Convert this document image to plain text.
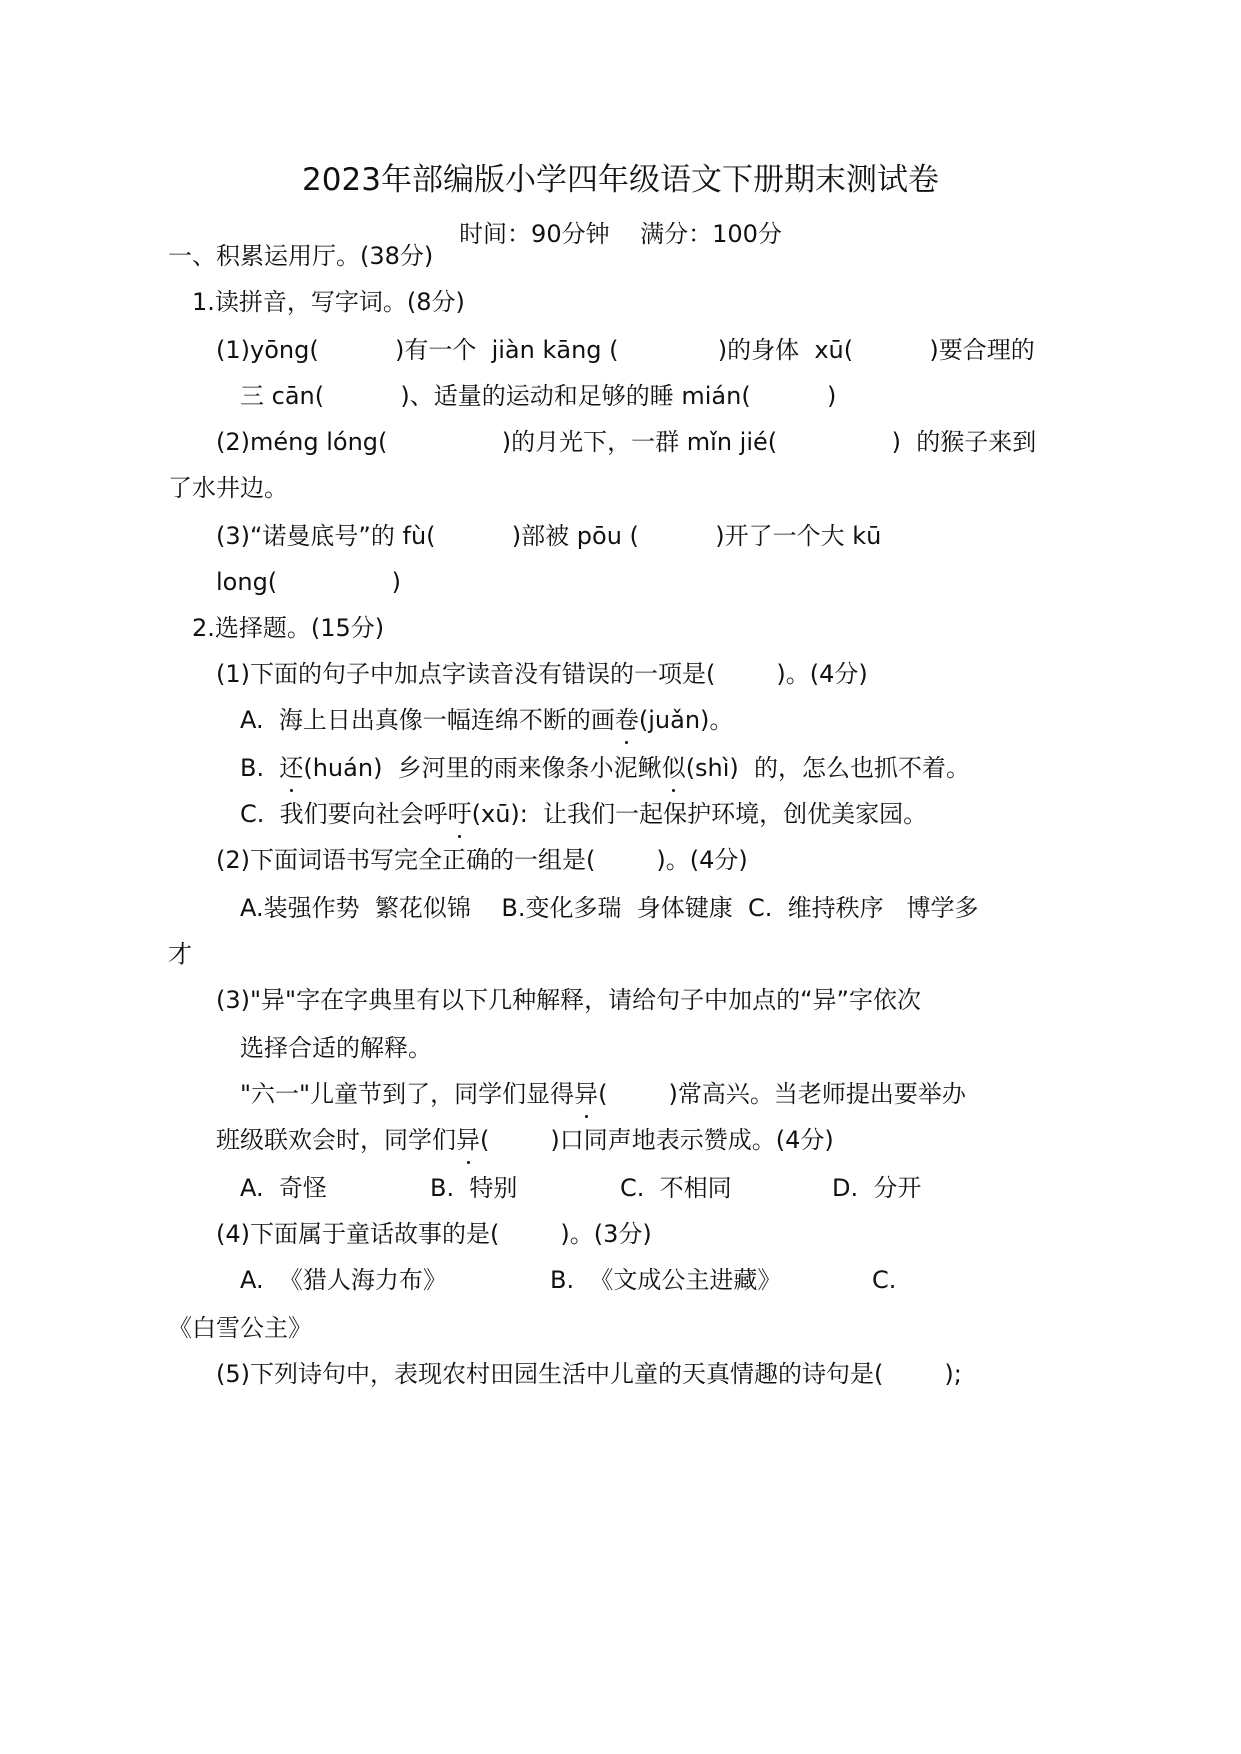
2023年部编版小学四年级语文下册期末测试卷
时间：90分钟    满分：100分
一、积累运用厅。(38分)
1.读拼音，写字词。(8分)
(1)yōng(          )有一个  jiàn kāng (             )的身体  xū(          )要合理的
三 cān(          )、适量的运动和足够的睡 mián(          )
(2)méng lóng(               )的月光下，一群 mǐn jié(               )  的猴子来到
了水井边。
(3)“诺曼底号”的 fù(          )部被 pōu (          )开了一个大 kū
long(               )
2.选择题。(15分)
(1)下面的句子中加点字读音没有错误的一项是(        )。(4分)
A.  海上日出真像一幅连绵不断的画卷(juǎn)。
B.  还(huán)  乡河里的雨来像条小泥鳅似(shì)  的，怎么也抓不着。
C.  我们要向社会呼吁(xū):  让我们一起保护环境，创优美家园。
(2)下面词语书写完全正确的一组是(        )。(4分)
A.装强作势  繁花似锦    B.变化多瑞  身体键康  C.  维持秩序   博学多
才
(3)"异"字在字典里有以下几种解释，请给句子中加点的“异”字依次
选择合适的解释。
"六一"儿童节到了，同学们显得异(        )常高兴。当老师提出要举办
班级联欢会时，同学们异(        )口同声地表示赞成。(4分)
A.  奇怪	B.  特别	C.  不相同	D.  分开
(4)下面属于童话故事的是(        )。(3分)
A.  《猎人海力布》	B.  《文成公主进藏》	C.
《白雪公主》
(5)下列诗句中，表现农村田园生活中儿童的天真情趣的诗句是(        );
